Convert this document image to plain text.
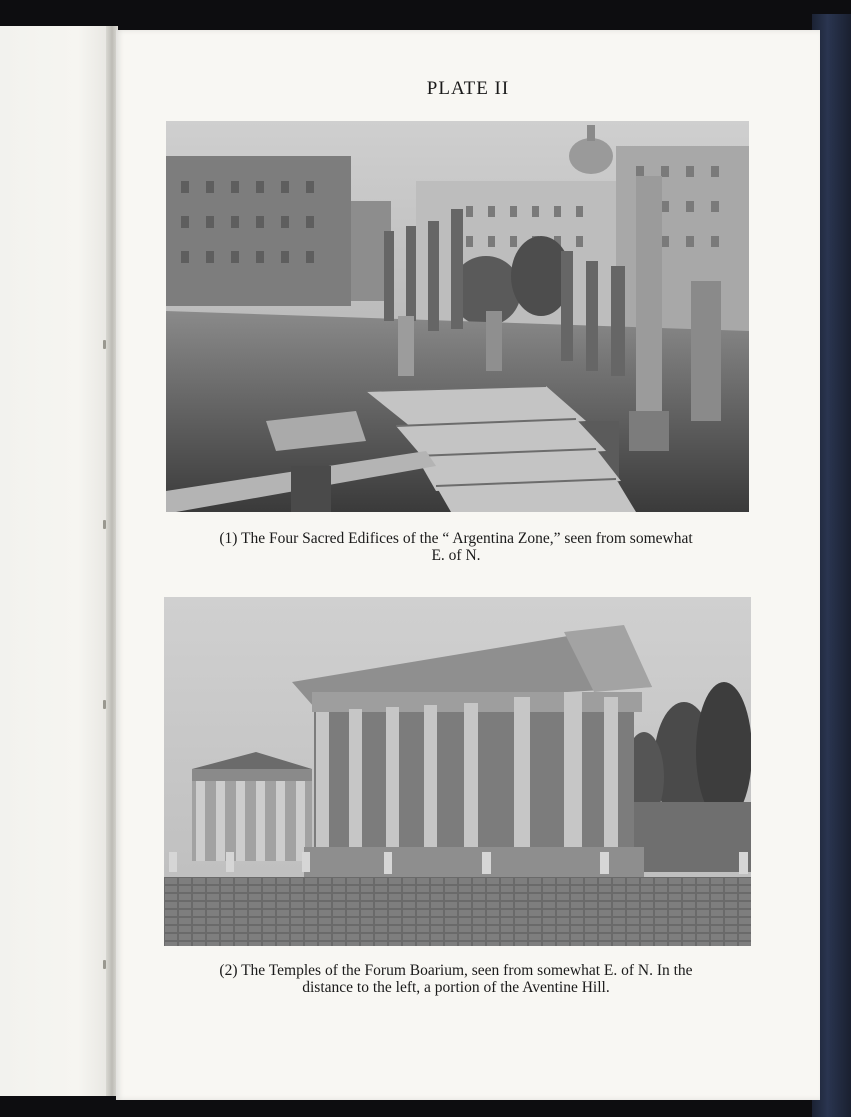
PLATE II
(1) The Four Sacred Edifices of the “ Argentina Zone,” seen from somewhat
E. of N.
(2) The Temples of the Forum Boarium, seen from somewhat E. of N. In the
distance to the left, a portion of the Aventine Hill.
